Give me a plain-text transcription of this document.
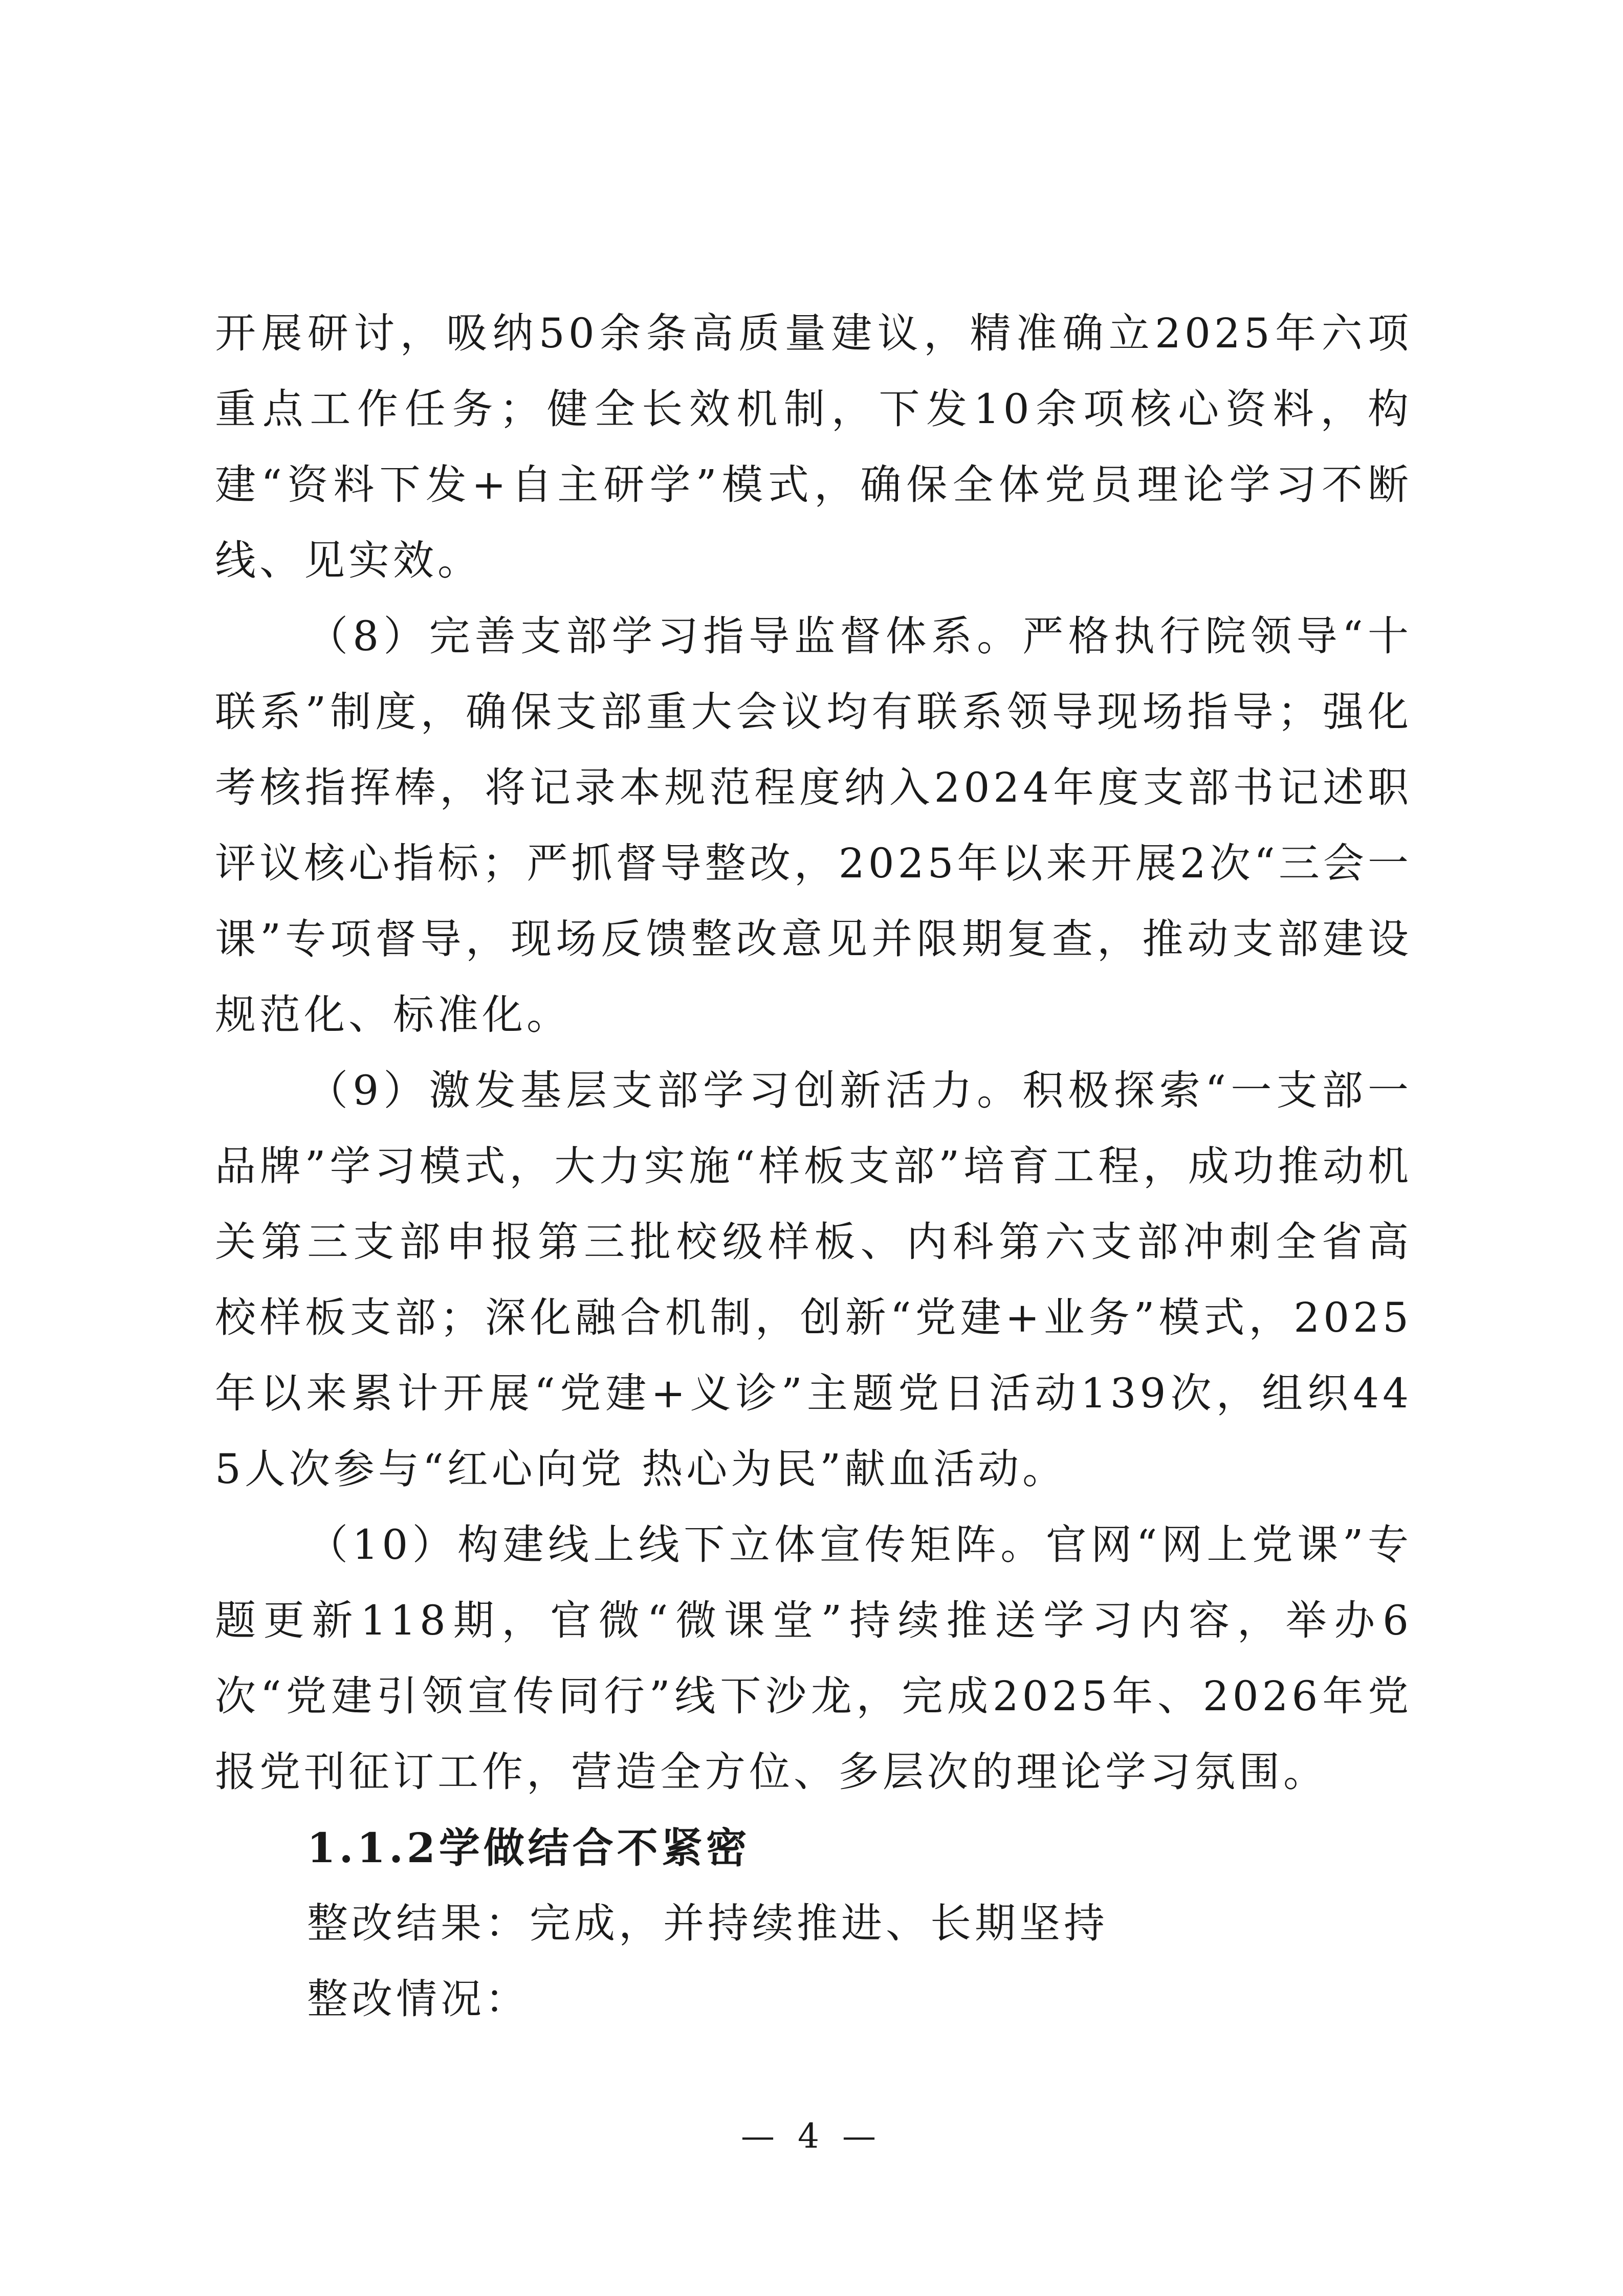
开展研讨，吸纳50余条高质量建议，精准确立2025年六项重点工作任务；健全长效机制，下发10余项核心资料，构建“资料下发+自主研学”模式，确保全体党员理论学习不断线、见实效。

（8）完善支部学习指导监督体系。严格执行院领导“十联系”制度，确保支部重大会议均有联系领导现场指导；强化考核指挥棒，将记录本规范程度纳入2024年度支部书记述职评议核心指标；严抓督导整改，2025年以来开展2次“三会一课”专项督导，现场反馈整改意见并限期复查，推动支部建设规范化、标准化。

（9）激发基层支部学习创新活力。积极探索“一支部一品牌”学习模式，大力实施“样板支部”培育工程，成功推动机关第三支部申报第三批校级样板、内科第六支部冲刺全省高校样板支部；深化融合机制，创新“党建+业务”模式，2025年以来累计开展“党建+义诊”主题党日活动139次，组织445人次参与“红心向党 热心为民”献血活动。

（10）构建线上线下立体宣传矩阵。官网“网上党课”专题更新118期，官微“微课堂”持续推送学习内容，举办6次“党建引领宣传同行”线下沙龙，完成2025年、2026年党报党刊征订工作，营造全方位、多层次的理论学习氛围。

1.1.2学做结合不紧密

整改结果：完成，并持续推进、长期坚持

整改情况：

— 4 —
